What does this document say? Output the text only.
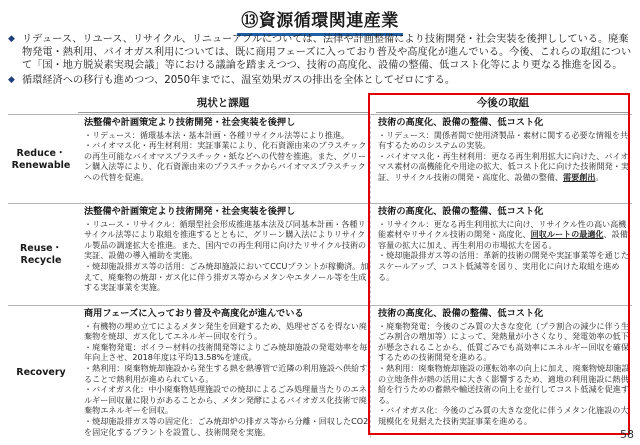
⑬資源循環関連産業
◆ リデュース、リユース、リサイクル、リニューアブルについては、法律や計画整備により技術開発・社会実装を後押ししている。廃棄物発電・熱利用、バイオガス利用については、既に商用フェーズに入っており普及や高度化が進んでいる。今後、これらの取組について「国・地方脱炭素実現会議」等における議論を踏まえつつ、技術の高度化、設備の整備、低コスト化等により更なる推進を図る。
◆ 循環経済への移行も進めつつ、2050年までに、温室効果ガスの排出を全体としてゼロにする。
現状と課題	今後の取組
Reduce・Renewable
法整備や計画策定より技術開発・社会実装を後押し
・リデュース：循環基本法・基本計画・各種リサイクル法等により推進。
・バイオマス化・再生材利用：実証事業により、化石資源由来のプラスチックの再生可能なバイオマスプラスチック・紙などへの代替を推進。また、グリーン購入法等により、化石資源由来のプラスチックからバイオマスプラスチックへの代替を促進。
技術の高度化、設備の整備、低コスト化
・リデュース：関係者間で使用済製品・素材に関する必要な情報を共有するためのシステムの実装。
・バイオマス化・再生材利用：更なる再生利用拡大に向けた、バイオマス素材の高機能化や用途の拡大、低コスト化に向けた技術開発・実証、リサイクル技術の開発・高度化、設備の整備、需要創出。
Reuse・Recycle
法整備や計画策定より技術開発・社会実装を後押し
・リユース・リサイクル：循環型社会形成推進基本法及び同基本計画・各種リサイクル法等により取組を推進するとともに、グリーン購入法によりリサイクル製品の調達拡大を推進。また、国内での再生利用に向けたリサイクル技術の実証、設備の導入補助を実施。
・焼却施設排ガス等の活用：ごみ焼却施設においてCCUプラントが稼働済。加えて、廃棄物の焼却・ガス化に伴う排ガス等からメタンやエタノール等を生成する実証事業を実施。
技術の高度化、設備の整備、低コスト化
・リサイクル：更なる再生利用拡大に向け、リサイクル性の高い高機能素材やリサイクル技術の開発・高度化、回収ルートの最適化、設備容量の拡大に加え、再生利用の市場拡大を図る。
・焼却施設排ガス等の活用：革新的技術の開発や実証事業等を通じたスケールアップ、コスト低減等を図り、実用化に向けた取組を進める。
Recovery
商用フェーズに入っており普及や高度化が進んでいる
・有機物の埋め立てによるメタン発生を回避するため、処理せざるを得ない廃棄物を焼却、ガス化してエネルギー回収を行う。
・廃棄物発電：ボイラー材料の技術開発等によりごみ焼却施設の発電効率を毎年向上させ、2018年度は平均13.58%を達成。
・熱利用：廃棄物焼却施設から発生する熱を熱導管で近隣の利用施設へ供給することで熱利用が進められている。
・バイオガス化：中小廃棄物処理施設での焼却によるごみ処理量当たりのエネルギー回収量に限りがあることから、メタン発酵によるバイオガス化技術で廃棄物エネルギーを回収。
・焼却施設排ガス等の固定化：ごみ焼却炉の排ガス等から分離・回収したCO2を固定化するプラントを設置し、技術開発を実施。
技術の高度化、設備の整備、低コスト化
・廃棄物発電：今後のごみ質の大きな変化（プラ割合の減少に伴う生ごみ割合の増加等）によって、発熱量が小さくなり、発電効率の低下が懸念されることから、低質ごみでも高効率にエネルギー回収を確保するための技術開発を進める。
・熱利用：廃棄物焼却施設の運転効率の向上に加え、廃棄物焼却施設の立地条件が熱の活用に大きく影響するため、適地の利用施設に熱供給を行うための蓄熱や輸送技術の向上を並行してコスト低減を促進する。
・バイオガス化：今後のごみ質の大きな変化に伴うメタン化施設の大規模化を見据えた技術実証事業を進める。
58
